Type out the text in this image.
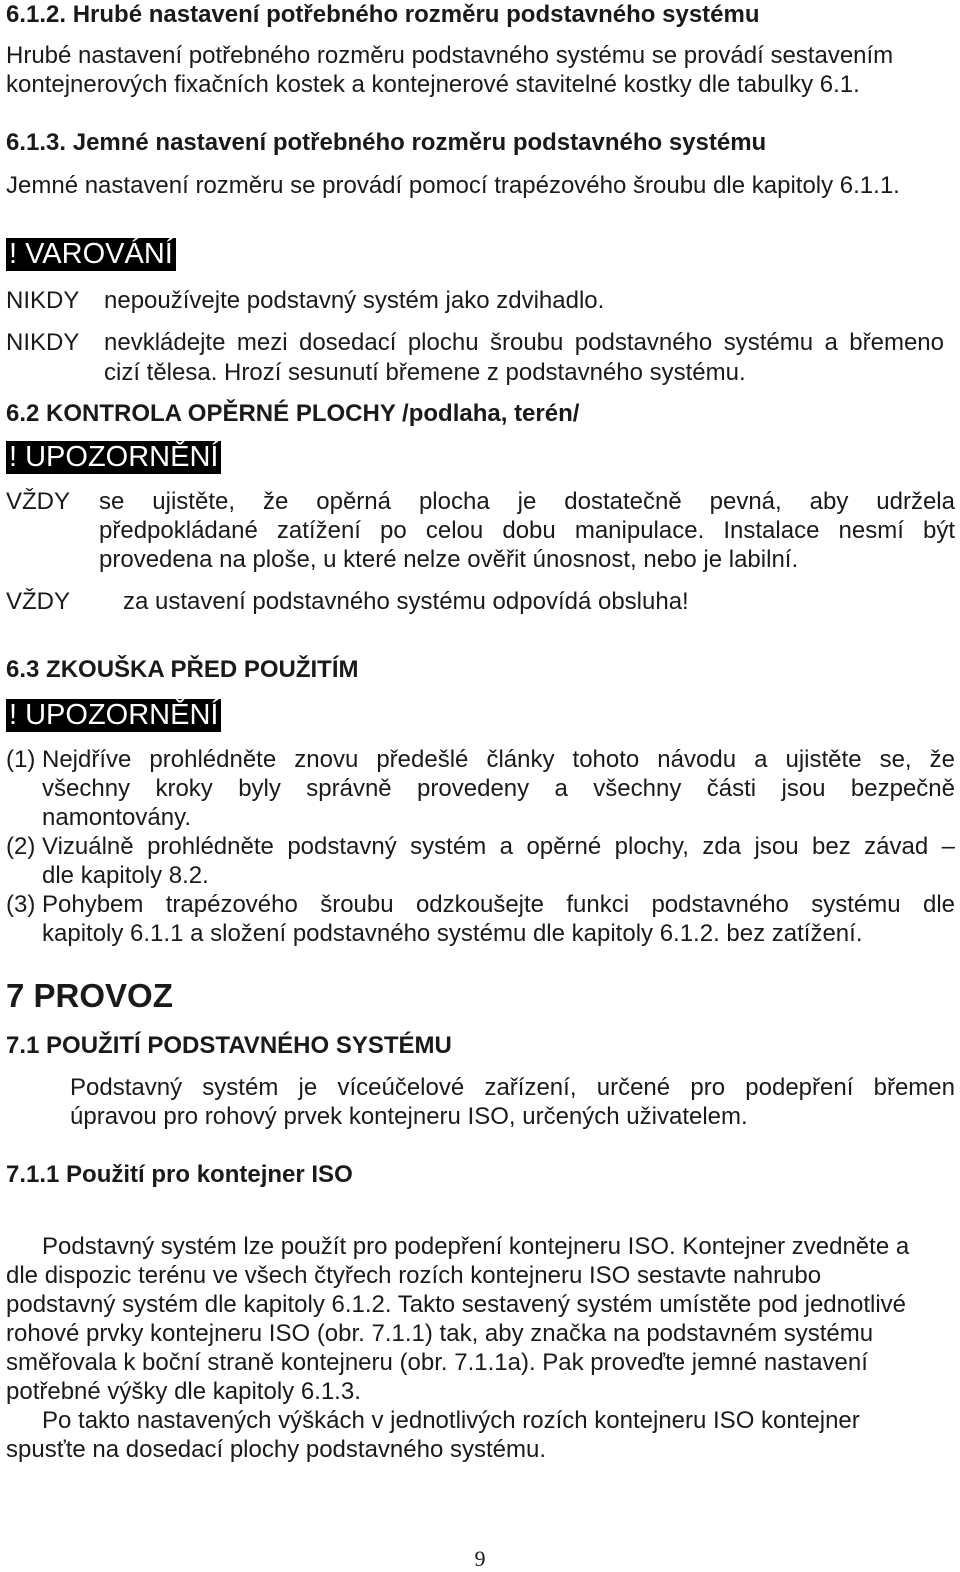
6.1.2. Hrubé nastavení potřebného rozměru podstavného systému
Hrubé nastavení potřebného rozměru podstavného systému se provádí sestavením
kontejnerových fixačních kostek a kontejnerové stavitelné kostky dle tabulky 6.1.
6.1.3. Jemné nastavení potřebného rozměru podstavného systému
Jemné nastavení rozměru se provádí pomocí trapézového šroubu dle kapitoly 6.1.1.
! VAROVÁNÍ
NIKDY nepoužívejte podstavný systém jako zdvihadlo.
NIKDY nevkládejte mezi dosedací plochu šroubu podstavného systému a břemeno
cizí tělesa. Hrozí sesunutí břemene z podstavného systému.
6.2 KONTROLA OPĚRNÉ PLOCHY /podlaha, terén/
! UPOZORNĚNÍ
VŽDY se ujistěte, že opěrná plocha je dostatečně pevná, aby udržela
předpokládané zatížení po celou dobu manipulace. Instalace nesmí být
provedena na ploše, u které nelze ověřit únosnost, nebo je labilní.
VŽDY za ustavení podstavného systému odpovídá obsluha!
6.3 ZKOUŠKA PŘED POUŽITÍM
! UPOZORNĚNÍ
(1) Nejdříve prohlédněte znovu předešlé články tohoto návodu a ujistěte se, že
všechny kroky byly správně provedeny a všechny části jsou bezpečně
namontovány.
(2) Vizuálně prohlédněte podstavný systém a opěrné plochy, zda jsou bez závad –
dle kapitoly 8.2.
(3) Pohybem trapézového šroubu odzkoušejte funkci podstavného systému dle
kapitoly 6.1.1 a složení podstavného systému dle kapitoly 6.1.2. bez zatížení.
7 PROVOZ
7.1 POUŽITÍ PODSTAVNÉHO SYSTÉMU
Podstavný systém je víceúčelové zařízení, určené pro podepření břemen
úpravou pro rohový prvek kontejneru ISO, určených uživatelem.
7.1.1 Použití pro kontejner ISO
Podstavný systém lze použít pro podepření kontejneru ISO. Kontejner zvedněte a
dle dispozic terénu ve všech čtyřech rozích kontejneru ISO sestavte nahrubo
podstavný systém dle kapitoly 6.1.2. Takto sestavený systém umístěte pod jednotlivé
rohové prvky kontejneru ISO (obr. 7.1.1) tak, aby značka na podstavném systému
směřovala k boční straně kontejneru (obr. 7.1.1a). Pak proveďte jemné nastavení
potřebné výšky dle kapitoly 6.1.3.
Po takto nastavených výškách v jednotlivých rozích kontejneru ISO kontejner
spusťte na dosedací plochy podstavného systému.
9
